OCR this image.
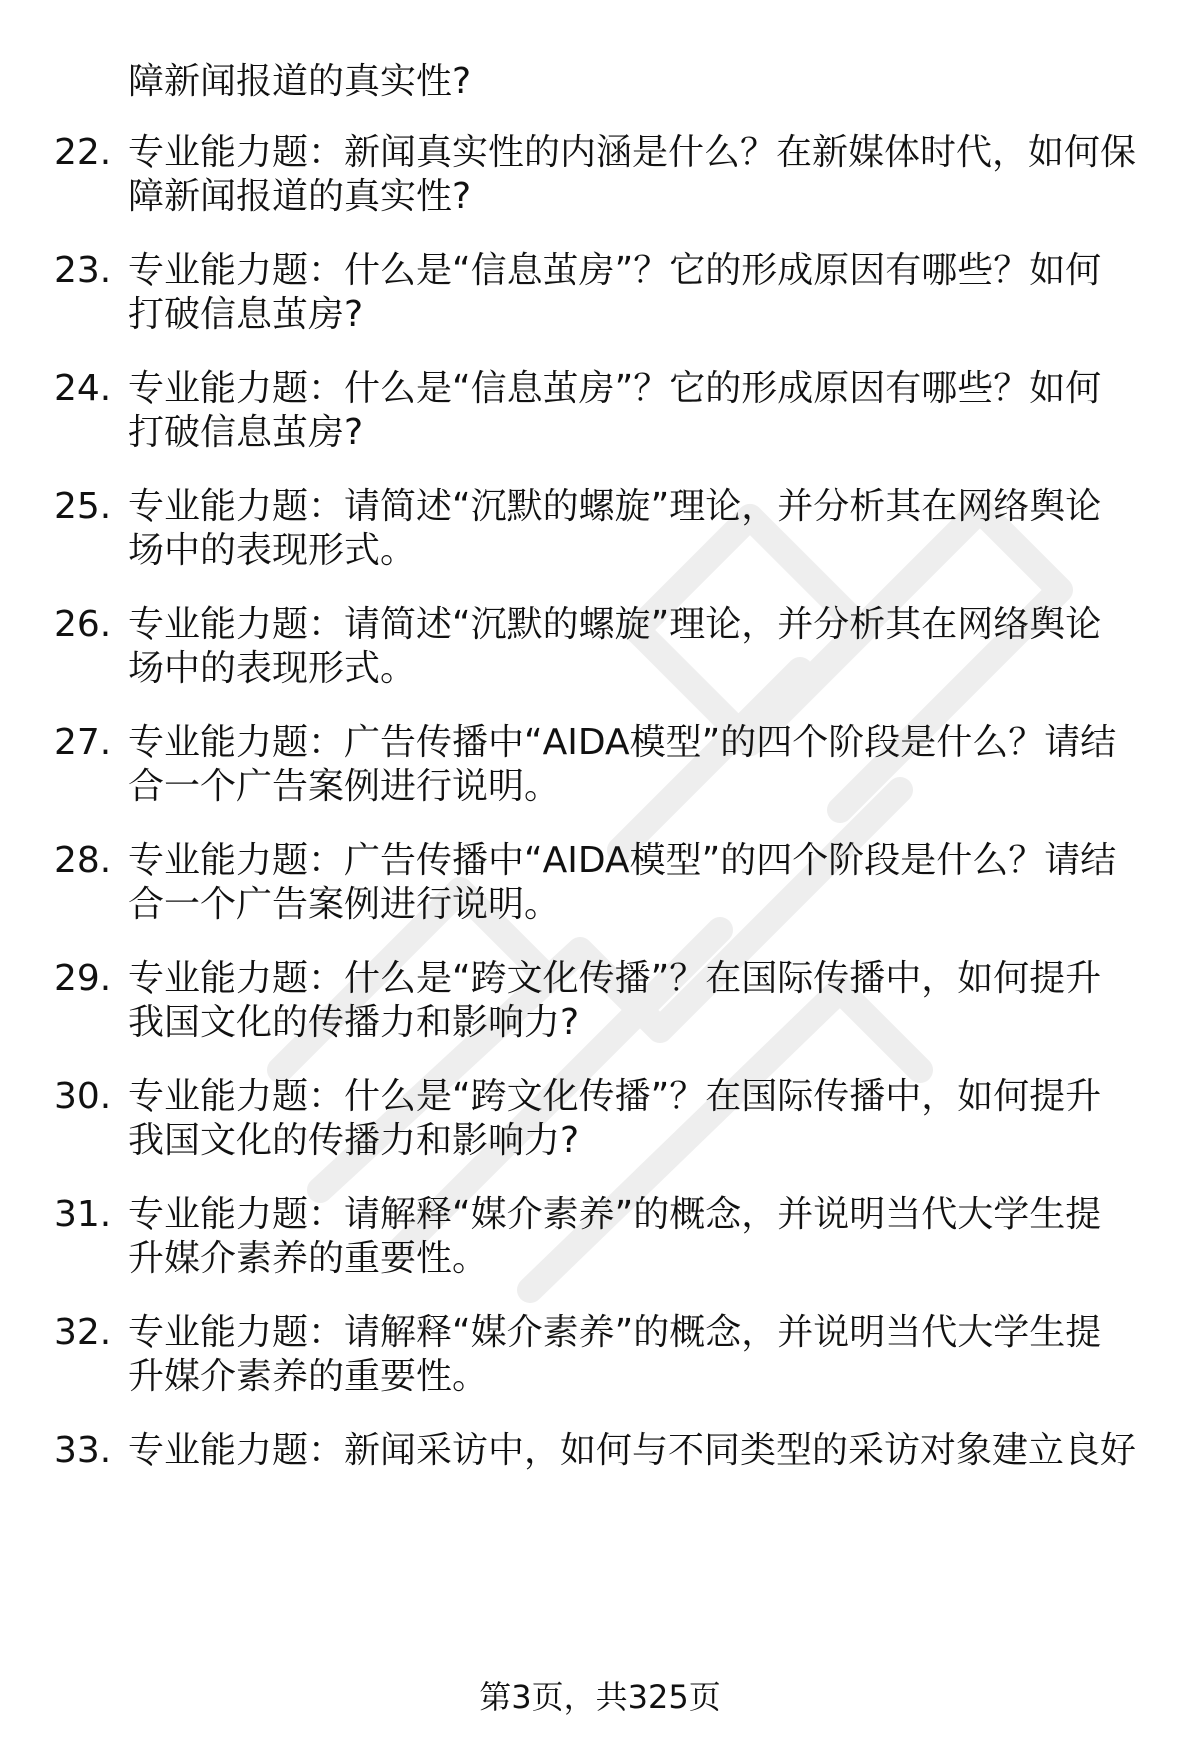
障新闻报道的真实性?
22. 专业能力题：新闻真实性的内涵是什么？在新媒体时代，如何保
障新闻报道的真实性?
23. 专业能力题：什么是“信息茧房”？它的形成原因有哪些？如何
打破信息茧房?
24. 专业能力题：什么是“信息茧房”？它的形成原因有哪些？如何
打破信息茧房?
25. 专业能力题：请简述“沉默的螺旋”理论，并分析其在网络舆论
场中的表现形式。
26. 专业能力题：请简述“沉默的螺旋”理论，并分析其在网络舆论
场中的表现形式。
27. 专业能力题：广告传播中“AIDA模型”的四个阶段是什么？请结
合一个广告案例进行说明。
28. 专业能力题：广告传播中“AIDA模型”的四个阶段是什么？请结
合一个广告案例进行说明。
29. 专业能力题：什么是“跨文化传播”？在国际传播中，如何提升
我国文化的传播力和影响力?
30. 专业能力题：什么是“跨文化传播”？在国际传播中，如何提升
我国文化的传播力和影响力?
31. 专业能力题：请解释“媒介素养”的概念，并说明当代大学生提
升媒介素养的重要性。
32. 专业能力题：请解释“媒介素养”的概念，并说明当代大学生提
升媒介素养的重要性。
33. 专业能力题：新闻采访中，如何与不同类型的采访对象建立良好
第3页，共325页
